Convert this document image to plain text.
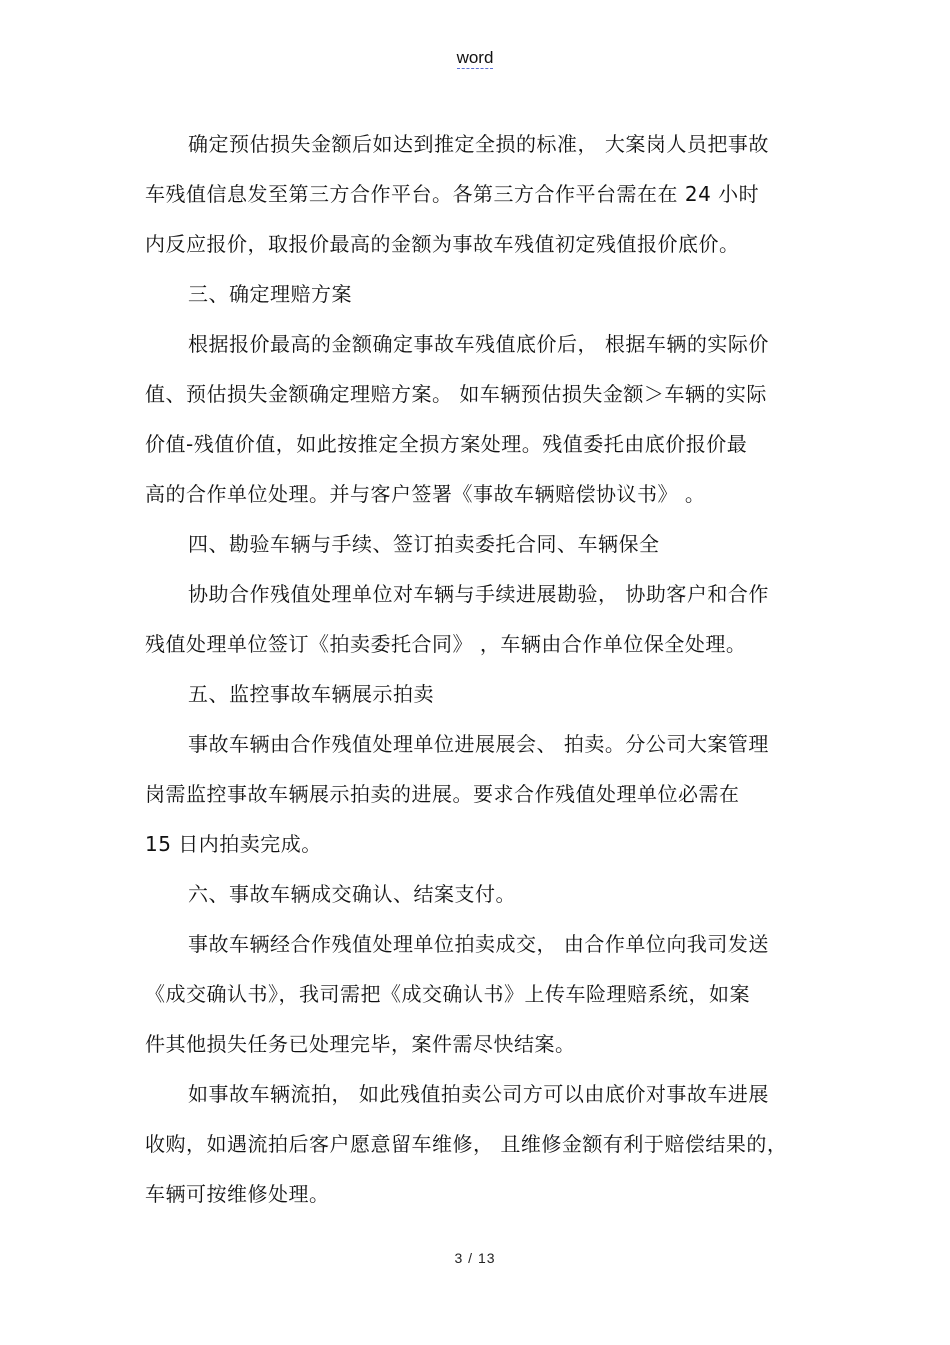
word
确定预估损失金额后如达到推定全损的标准， 大案岗人员把事故
车残值信息发至第三方合作平台。各第三方合作平台需在在 24 小时
内反应报价，取报价最高的金额为事故车残值初定残值报价底价。
三、确定理赔方案
根据报价最高的金额确定事故车残值底价后， 根据车辆的实际价
值、预估损失金额确定理赔方案。 如车辆预估损失金额＞车辆的实际
价值-残值价值，如此按推定全损方案处理。残值委托由底价报价最
高的合作单位处理。并与客户签署《事故车辆赔偿协议书》 。
四、勘验车辆与手续、签订拍卖委托合同、车辆保全
协助合作残值处理单位对车辆与手续进展勘验， 协助客户和合作
残值处理单位签订《拍卖委托合同》 ，车辆由合作单位保全处理。
五、监控事故车辆展示拍卖
事故车辆由合作残值处理单位进展展会、 拍卖。分公司大案管理
岗需监控事故车辆展示拍卖的进展。要求合作残值处理单位必需在
15 日内拍卖完成。
六、事故车辆成交确认、结案支付。
事故车辆经合作残值处理单位拍卖成交， 由合作单位向我司发送
《成交确认书》，我司需把《成交确认书》上传车险理赔系统，如案
件其他损失任务已处理完毕，案件需尽快结案。
如事故车辆流拍， 如此残值拍卖公司方可以由底价对事故车进展
收购，如遇流拍后客户愿意留车维修， 且维修金额有利于赔偿结果的，
车辆可按维修处理。
3 / 13
